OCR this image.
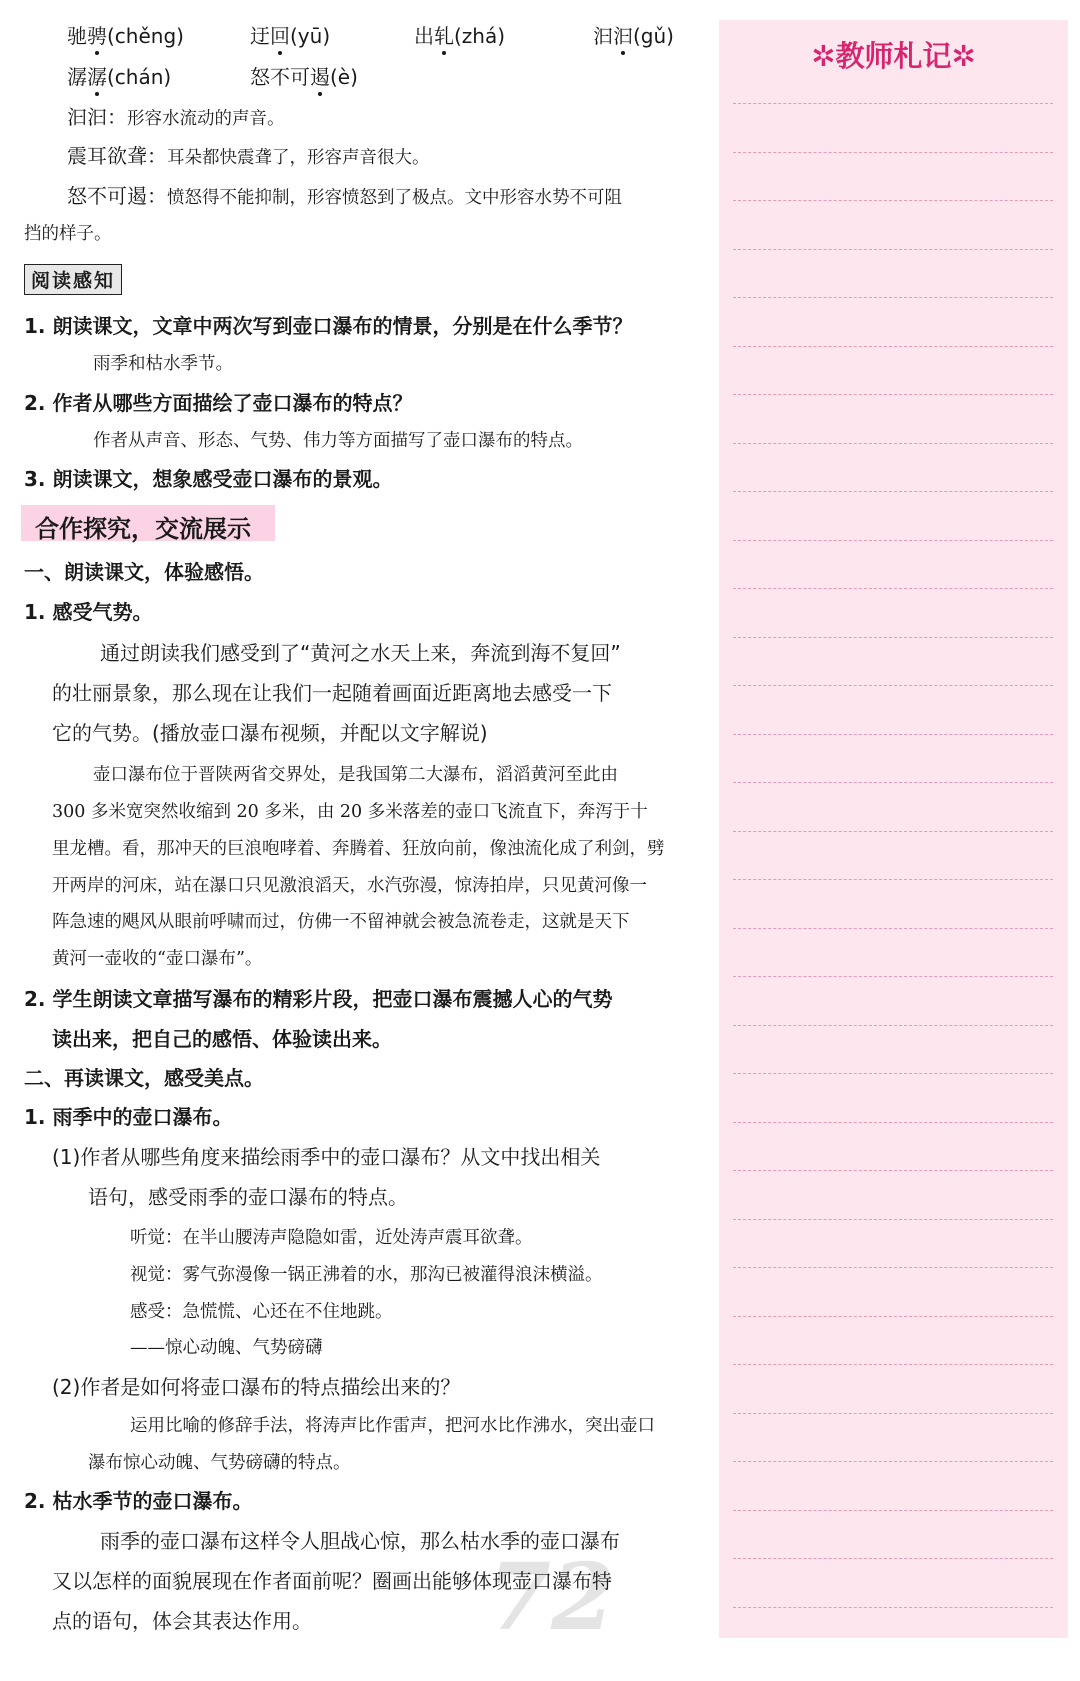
驰骋(chěng)	迂回(yū)	出轧(zhá)	汩汩(gǔ)
潺潺(chán)	怒不可遏(è)
汩汩：形容水流动的声音。
震耳欲聋：耳朵都快震聋了，形容声音很大。
怒不可遏：愤怒得不能抑制，形容愤怒到了极点。文中形容水势不可阻
挡的样子。
阅读感知
1. 朗读课文，文章中两次写到壶口瀑布的情景，分别是在什么季节？
雨季和枯水季节。
2. 作者从哪些方面描绘了壶口瀑布的特点？
作者从声音、形态、气势、伟力等方面描写了壶口瀑布的特点。
3. 朗读课文，想象感受壶口瀑布的景观。
合作探究，交流展示
一、朗读课文，体验感悟。
1. 感受气势。
通过朗读我们感受到了“黄河之水天上来，奔流到海不复回”
的壮丽景象，那么现在让我们一起随着画面近距离地去感受一下
它的气势。(播放壶口瀑布视频，并配以文字解说)
壶口瀑布位于晋陕两省交界处，是我国第二大瀑布，滔滔黄河至此由
300 多米宽突然收缩到 20 多米，由 20 多米落差的壶口飞流直下，奔泻于十
里龙槽。看，那冲天的巨浪咆哮着、奔腾着、狂放向前，像浊流化成了利剑，劈
开两岸的河床，站在瀑口只见激浪滔天，水汽弥漫，惊涛拍岸，只见黄河像一
阵急速的飓风从眼前呼啸而过，仿佛一不留神就会被急流卷走，这就是天下
黄河一壶收的“壶口瀑布”。
2. 学生朗读文章描写瀑布的精彩片段，把壶口瀑布震撼人心的气势
读出来，把自己的感悟、体验读出来。
二、再读课文，感受美点。
1. 雨季中的壶口瀑布。
(1)作者从哪些角度来描绘雨季中的壶口瀑布？从文中找出相关
语句，感受雨季的壶口瀑布的特点。
听觉：在半山腰涛声隐隐如雷，近处涛声震耳欲聋。
视觉：雾气弥漫像一锅正沸着的水，那沟已被灌得浪沫横溢。
感受：急慌慌、心还在不住地跳。
——惊心动魄、气势磅礴
(2)作者是如何将壶口瀑布的特点描绘出来的？
运用比喻的修辞手法，将涛声比作雷声，把河水比作沸水，突出壶口
瀑布惊心动魄、气势磅礴的特点。
2. 枯水季节的壶口瀑布。
72
雨季的壶口瀑布这样令人胆战心惊，那么枯水季的壶口瀑布
又以怎样的面貌展现在作者面前呢？圈画出能够体现壶口瀑布特
点的语句，体会其表达作用。
✲教师札记✲
